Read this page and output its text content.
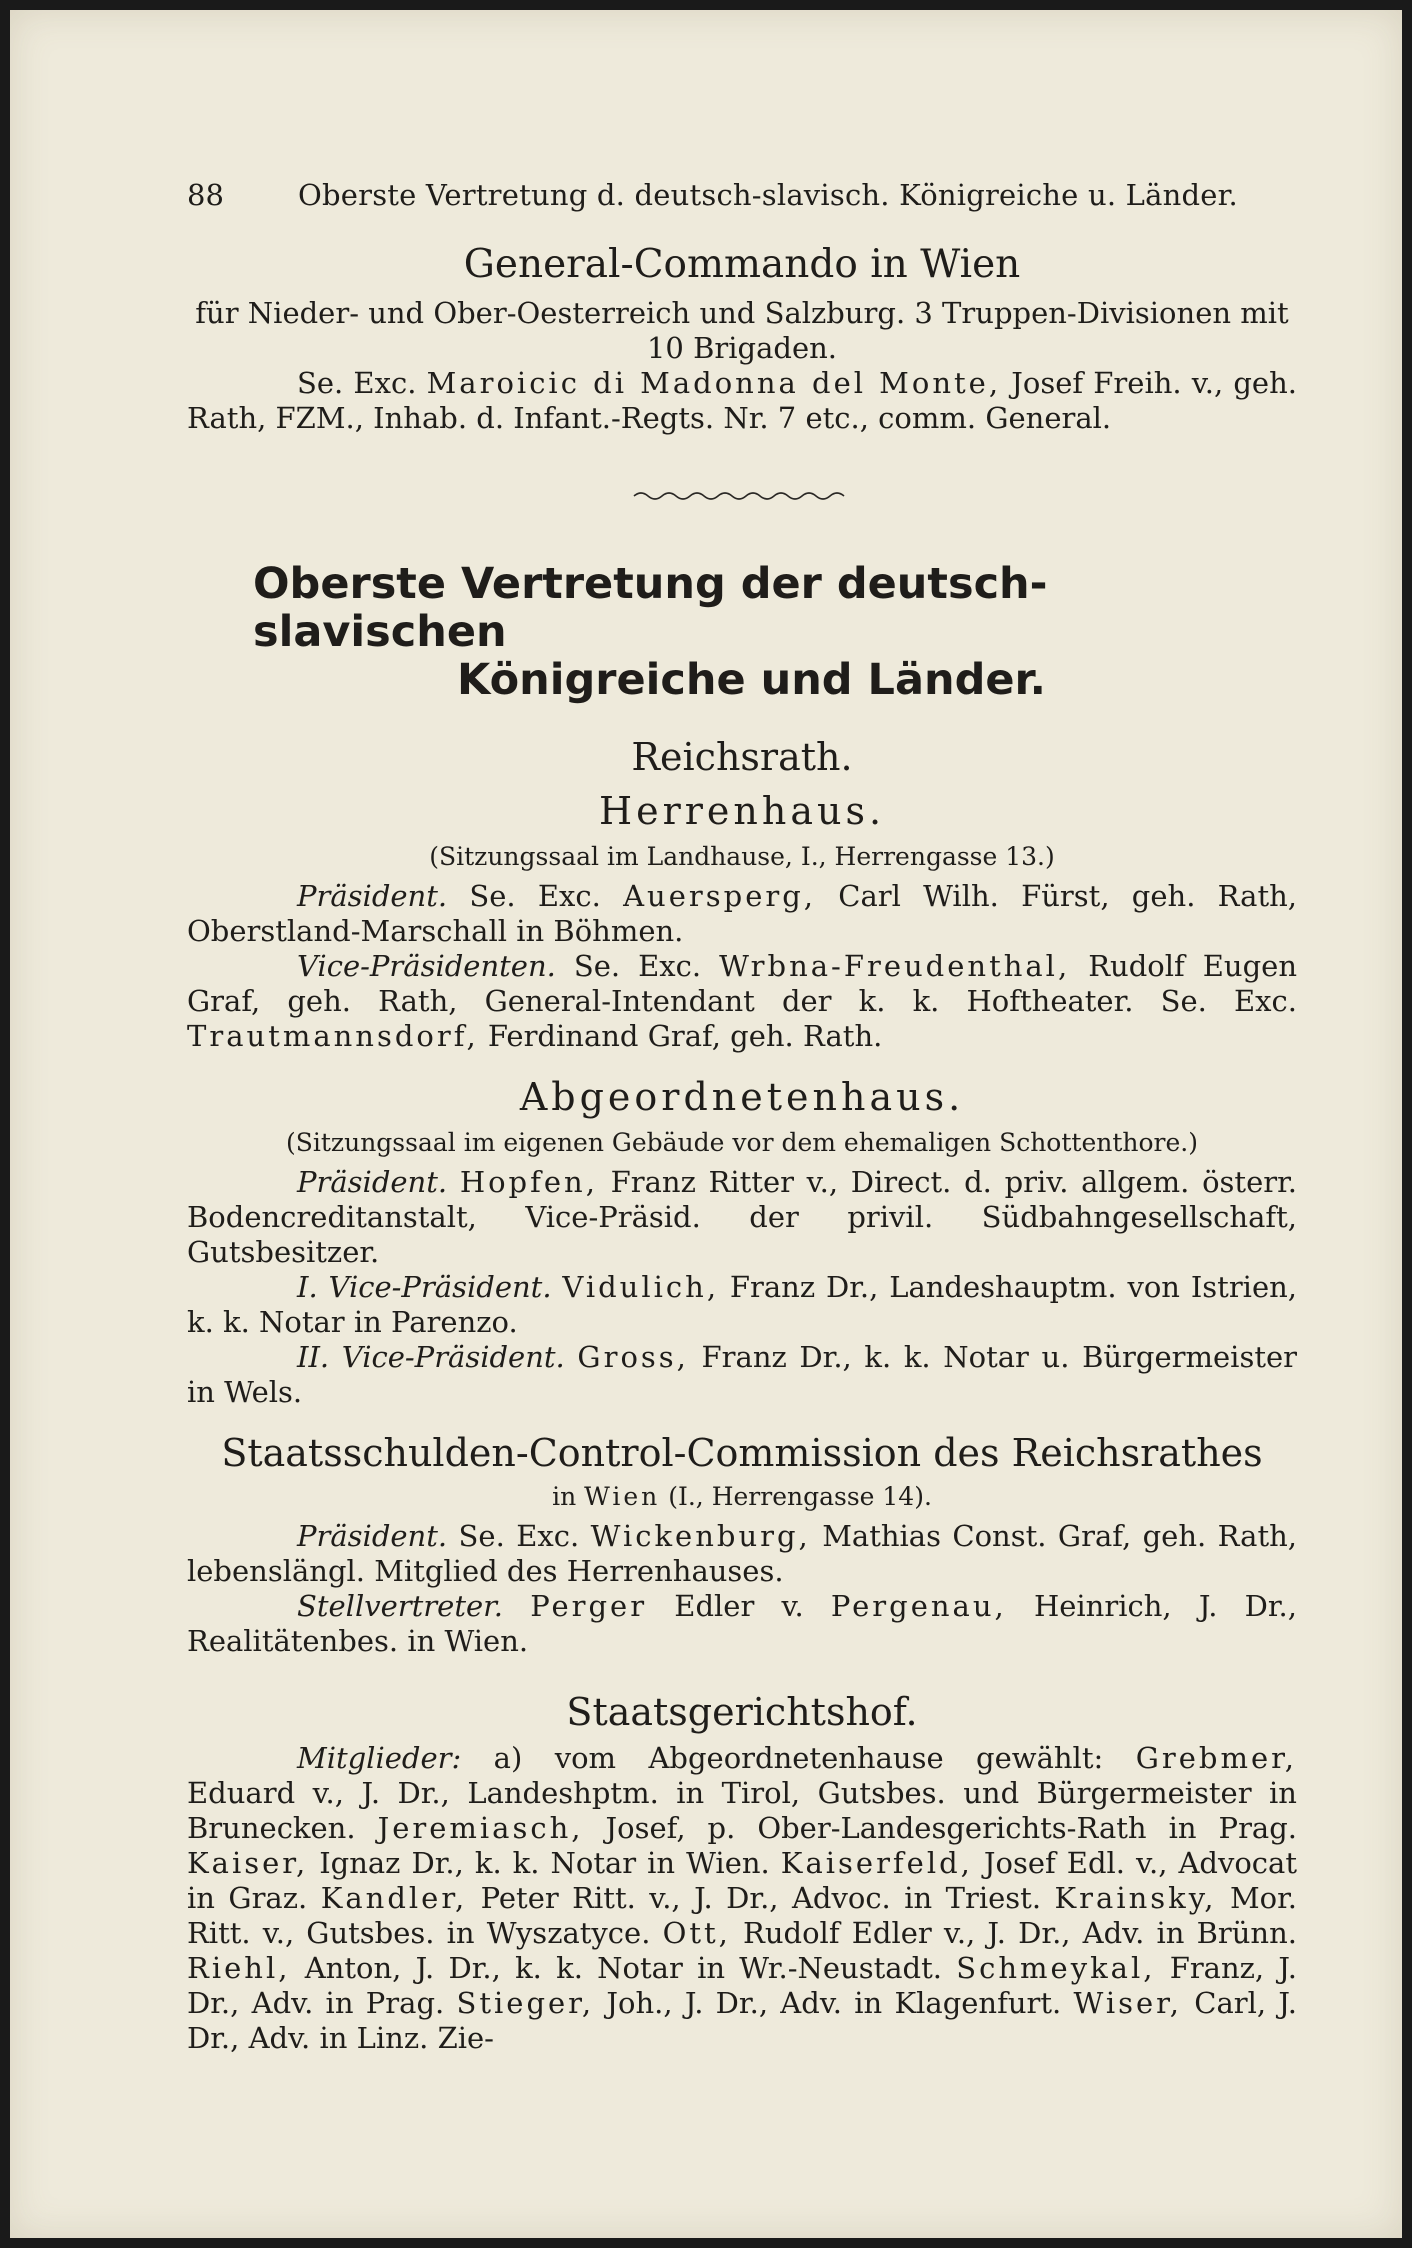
88	Oberste Vertretung d. deutsch-slavisch. Königreiche u. Länder.
General-Commando in Wien

für Nieder- und Ober-Oesterreich und Salzburg. 3 Truppen-Divisionen mit 10 Brigaden.

Se. Exc. Maroicic di Madonna del Monte, Josef Freih. v., geh. Rath, FZM., Inhab. d. Infant.-Regts. Nr. 7 etc., comm. General.

Oberste Vertretung der deutsch-slavischen
Königreiche und Länder.
Reichsrath.
Herrenhaus.
(Sitzungssaal im Landhause, I., Herrengasse 13.)

Präsident. Se. Exc. Auersperg, Carl Wilh. Fürst, geh. Rath, Oberstland-Marschall in Böhmen.

Vice-Präsidenten. Se. Exc. Wrbna-Freudenthal, Rudolf Eugen Graf, geh. Rath, General-Intendant der k. k. Hoftheater. Se. Exc. Trautmannsdorf, Ferdinand Graf, geh. Rath.

Abgeordnetenhaus.
(Sitzungssaal im eigenen Gebäude vor dem ehemaligen Schottenthore.)

Präsident. Hopfen, Franz Ritter v., Direct. d. priv. allgem. österr. Bodencreditanstalt, Vice-Präsid. der privil. Südbahngesellschaft, Gutsbesitzer.

I. Vice-Präsident. Vidulich, Franz Dr., Landeshauptm. von Istrien, k. k. Notar in Parenzo.

II. Vice-Präsident. Gross, Franz Dr., k. k. Notar u. Bürgermeister in Wels.

Staatsschulden-Control-Commission des Reichsrathes
in Wien (I., Herrengasse 14).

Präsident. Se. Exc. Wickenburg, Mathias Const. Graf, geh. Rath, lebenslängl. Mitglied des Herrenhauses.

Stellvertreter. Perger Edler v. Pergenau, Heinrich, J. Dr., Realitätenbes. in Wien.

Staatsgerichtshof.

Mitglieder: a) vom Abgeordnetenhause gewählt: Grebmer, Eduard v., J. Dr., Landeshptm. in Tirol, Gutsbes. und Bürgermeister in Brunecken. Jeremiasch, Josef, p. Ober-Landesgerichts-Rath in Prag. Kaiser, Ignaz Dr., k. k. Notar in Wien. Kaiserfeld, Josef Edl. v., Advocat in Graz. Kandler, Peter Ritt. v., J. Dr., Advoc. in Triest. Krainsky, Mor. Ritt. v., Gutsbes. in Wyszatyce. Ott, Rudolf Edler v., J. Dr., Adv. in Brünn. Riehl, Anton, J. Dr., k. k. Notar in Wr.-Neustadt. Schmeykal, Franz, J. Dr., Adv. in Prag. Stieger, Joh., J. Dr., Adv. in Klagenfurt. Wiser, Carl, J. Dr., Adv. in Linz. Zie-
